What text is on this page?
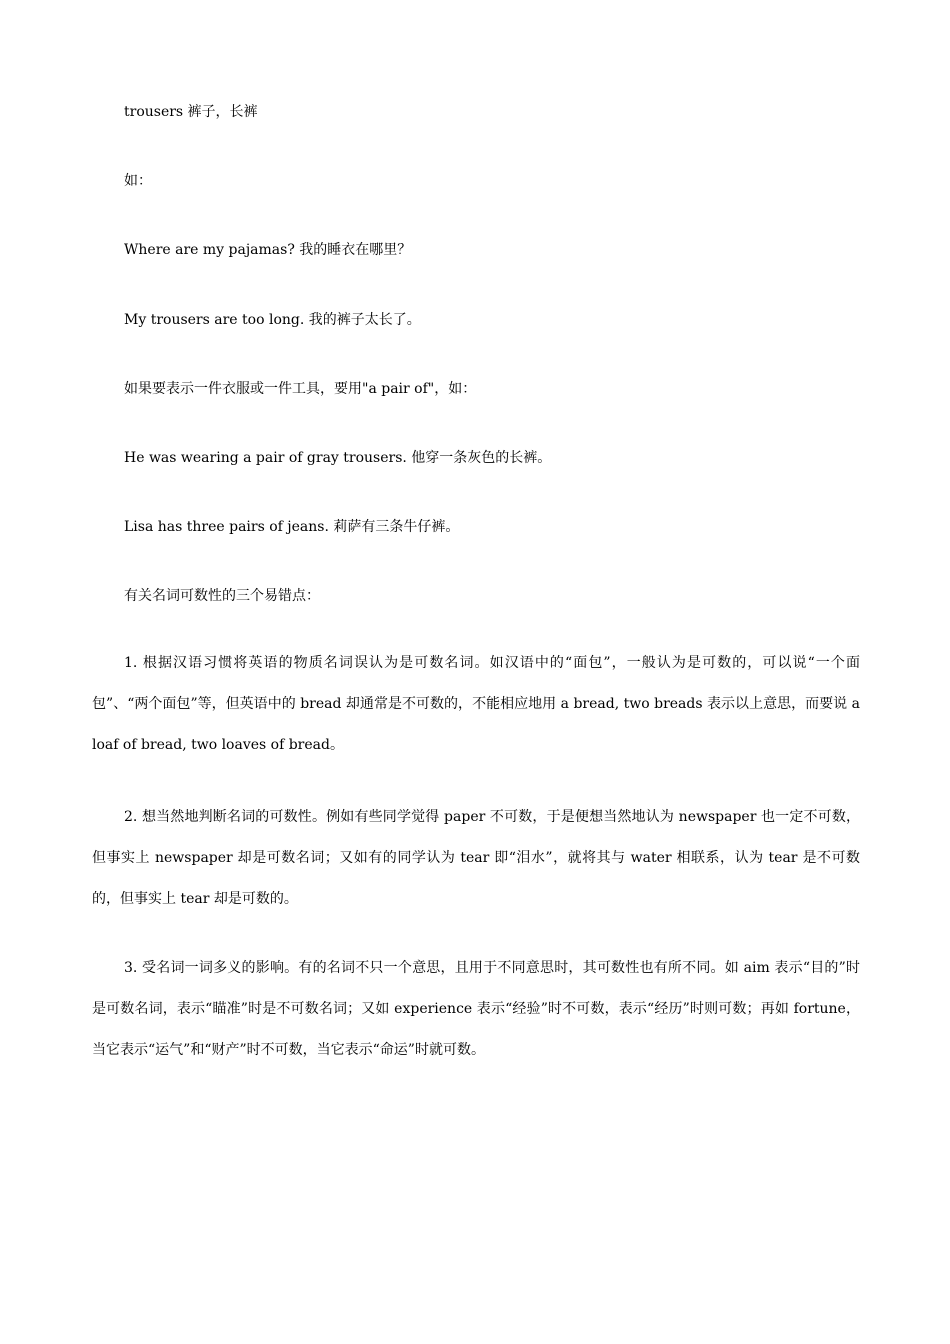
trousers 裤子，长裤

如：

Where are my pajamas? 我的睡衣在哪里？

My trousers are too long. 我的裤子太长了。

如果要表示一件衣服或一件工具，要用"a pair of"，如：

He was wearing a pair of gray trousers. 他穿一条灰色的长裤。

Lisa has three pairs of jeans. 莉萨有三条牛仔裤。

有关名词可数性的三个易错点：

1. 根据汉语习惯将英语的物质名词误认为是可数名词。如汉语中的“面包”，一般认为是可数的，可以说“一个面包”、“两个面包”等，但英语中的 bread 却通常是不可数的，不能相应地用 a bread, two breads 表示以上意思，而要说 a loaf of bread, two loaves of bread。

2. 想当然地判断名词的可数性。例如有些同学觉得 paper 不可数，于是便想当然地认为 newspaper 也一定不可数，但事实上 newspaper 却是可数名词；又如有的同学认为 tear 即“泪水”，就将其与 water 相联系，认为 tear 是不可数的，但事实上 tear 却是可数的。

3. 受名词一词多义的影响。有的名词不只一个意思，且用于不同意思时，其可数性也有所不同。如 aim 表示“目的”时是可数名词，表示“瞄准”时是不可数名词；又如 experience 表示“经验”时不可数，表示“经历”时则可数；再如 fortune，当它表示“运气”和“财产”时不可数，当它表示“命运”时就可数。
